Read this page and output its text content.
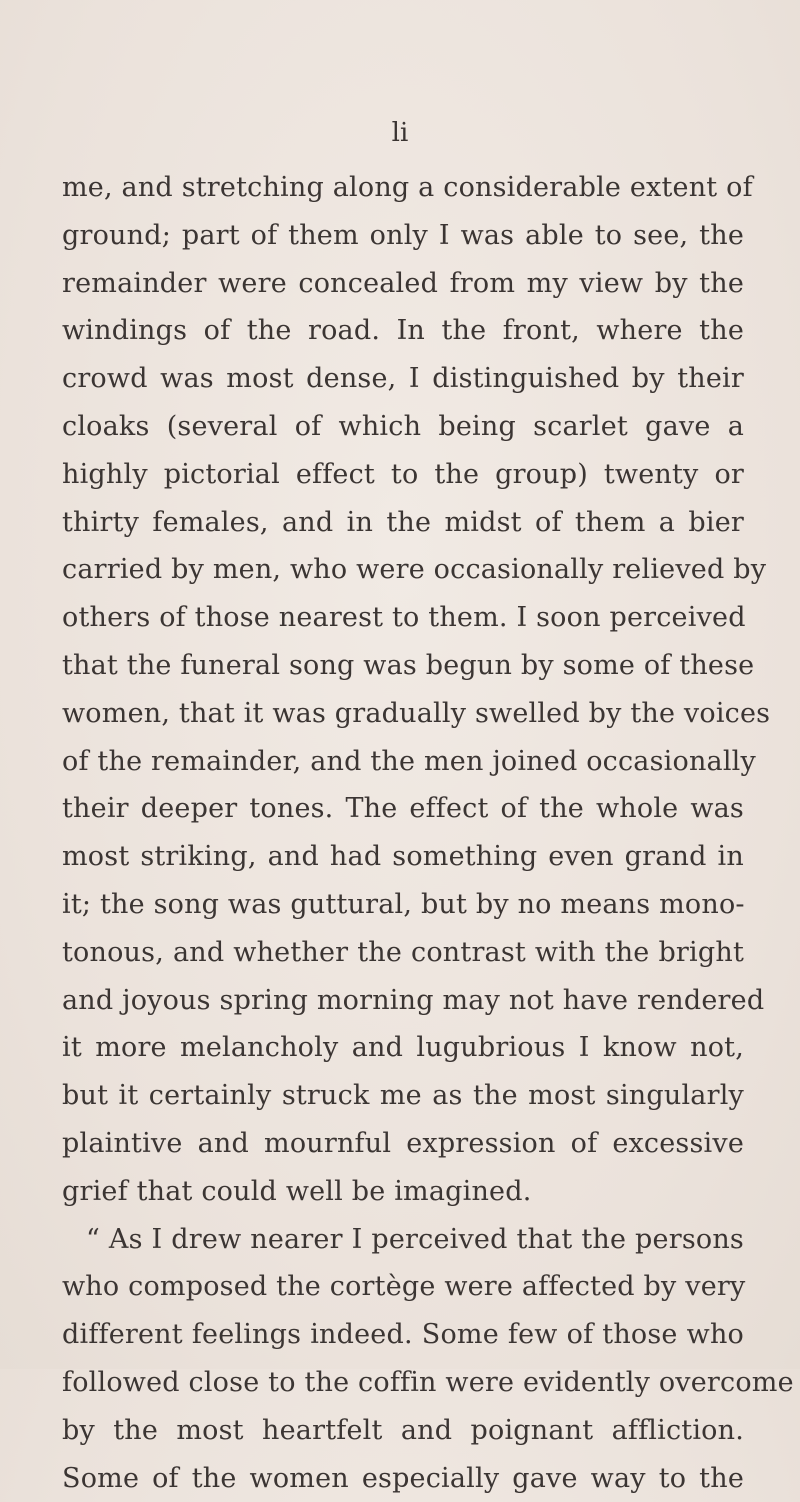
li
me, and stretching along a considerable extent of
ground; part of them only I was able to see, the
remainder were concealed from my view by the
windings of the road. In the front, where the
crowd was most dense, I distinguished by their
cloaks (several of which being scarlet gave a
highly pictorial effect to the group) twenty or
thirty females, and in the midst of them a bier
carried by men, who were occasionally relieved by
others of those nearest to them. I soon perceived
that the funeral song was begun by some of these
women, that it was gradually swelled by the voices
of the remainder, and the men joined occasionally
their deeper tones. The effect of the whole was
most striking, and had something even grand in
it; the song was guttural, but by no means mono-
tonous, and whether the contrast with the bright
and joyous spring morning may not have rendered
it more melancholy and lugubrious I know not,
but it certainly struck me as the most singularly
plaintive and mournful expression of excessive
grief that could well be imagined.
“ As I drew nearer I perceived that the persons
who composed the cortège were affected by very
different feelings indeed. Some few of those who
followed close to the coffin were evidently overcome
by the most heartfelt and poignant affliction.
Some of the women especially gave way to the
